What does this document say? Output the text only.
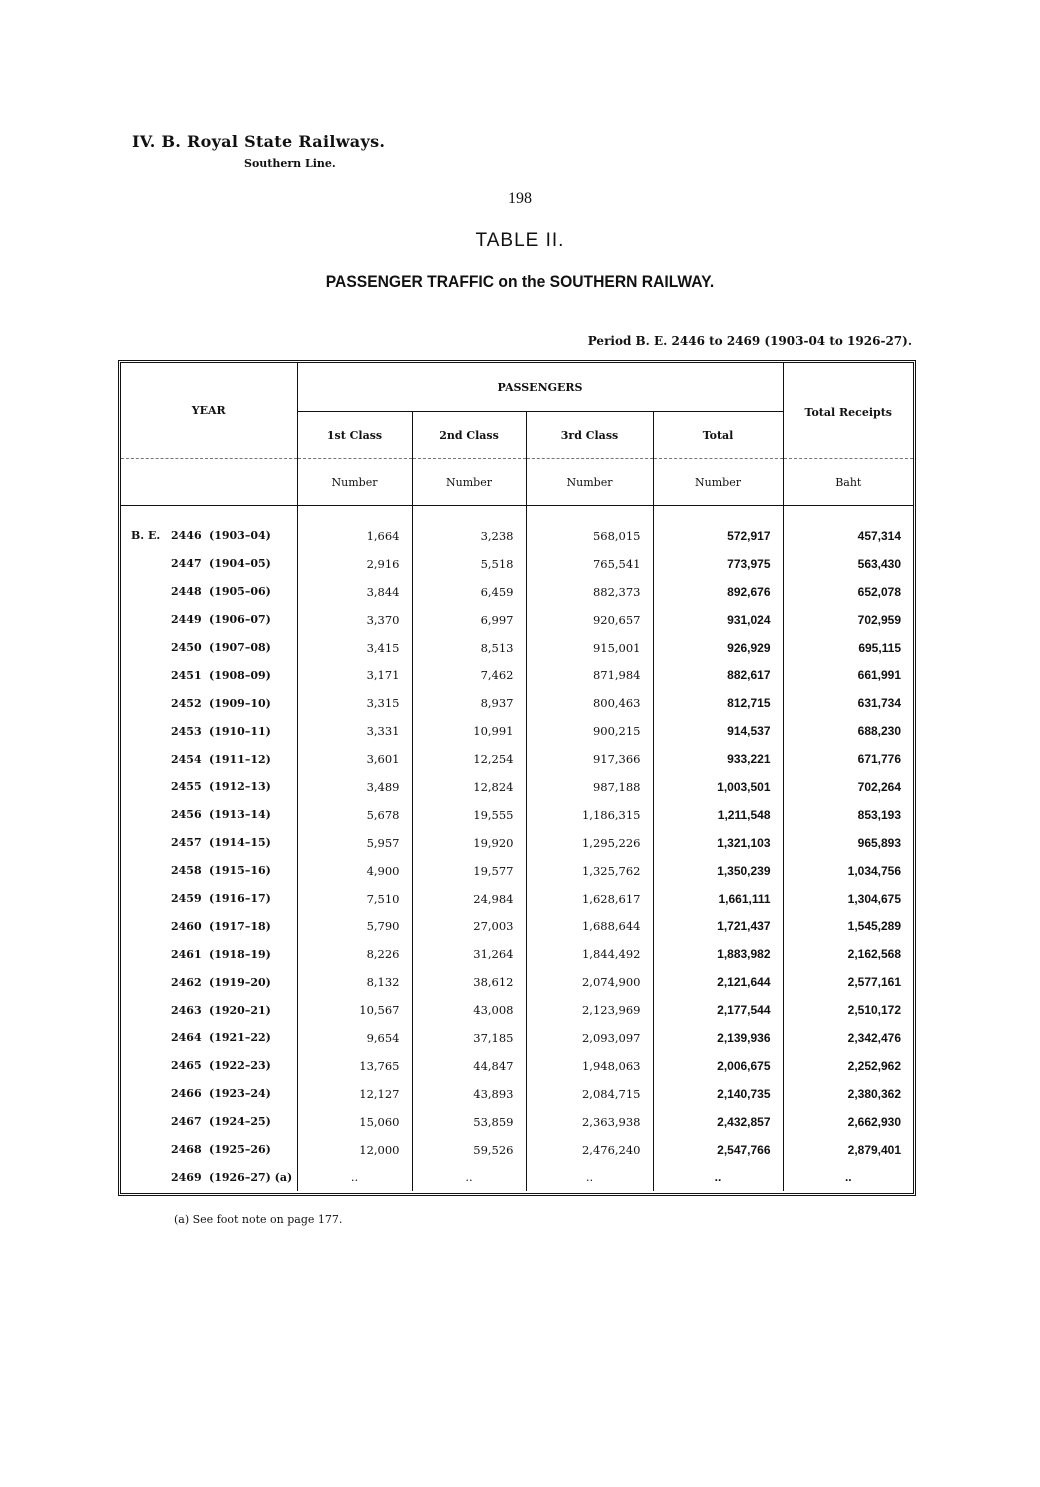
IV. B. Royal State Railways.
Southern Line.
198
TABLE II.
PASSENGER TRAFFIC on the SOUTHERN RAILWAY.
Period B. E. 2446 to 2469 (1903-04 to 1926-27).
YEAR	PASSENGERS				Total Receipts
	1st Class	2nd Class	3rd Class	Total	
	Number	Number	Number	Number	Baht

B. E. 2446 (1903–04)	1,664	3,238	568,015	572,917	457,314
2447 (1904–05)	2,916	5,518	765,541	773,975	563,430
2448 (1905–06)	3,844	6,459	882,373	892,676	652,078
2449 (1906–07)	3,370	6,997	920,657	931,024	702,959
2450 (1907–08)	3,415	8,513	915,001	926,929	695,115
2451 (1908–09)	3,171	7,462	871,984	882,617	661,991
2452 (1909–10)	3,315	8,937	800,463	812,715	631,734
2453 (1910–11)	3,331	10,991	900,215	914,537	688,230
2454 (1911–12)	3,601	12,254	917,366	933,221	671,776
2455 (1912–13)	3,489	12,824	987,188	1,003,501	702,264
2456 (1913–14)	5,678	19,555	1,186,315	1,211,548	853,193
2457 (1914–15)	5,957	19,920	1,295,226	1,321,103	965,893
2458 (1915–16)	4,900	19,577	1,325,762	1,350,239	1,034,756
2459 (1916–17)	7,510	24,984	1,628,617	1,661,111	1,304,675
2460 (1917–18)	5,790	27,003	1,688,644	1,721,437	1,545,289
2461 (1918–19)	8,226	31,264	1,844,492	1,883,982	2,162,568
2462 (1919–20)	8,132	38,612	2,074,900	2,121,644	2,577,161
2463 (1920–21)	10,567	43,008	2,123,969	2,177,544	2,510,172
2464 (1921–22)	9,654	37,185	2,093,097	2,139,936	2,342,476
2465 (1922–23)	13,765	44,847	1,948,063	2,006,675	2,252,962
2466 (1923–24)	12,127	43,893	2,084,715	2,140,735	2,380,362
2467 (1924–25)	15,060	53,859	2,363,938	2,432,857	2,662,930
2468 (1925–26)	12,000	59,526	2,476,240	2,547,766	2,879,401
2469 (1926–27) (a)	..	..	..	..	..
(a) See foot note on page 177.
